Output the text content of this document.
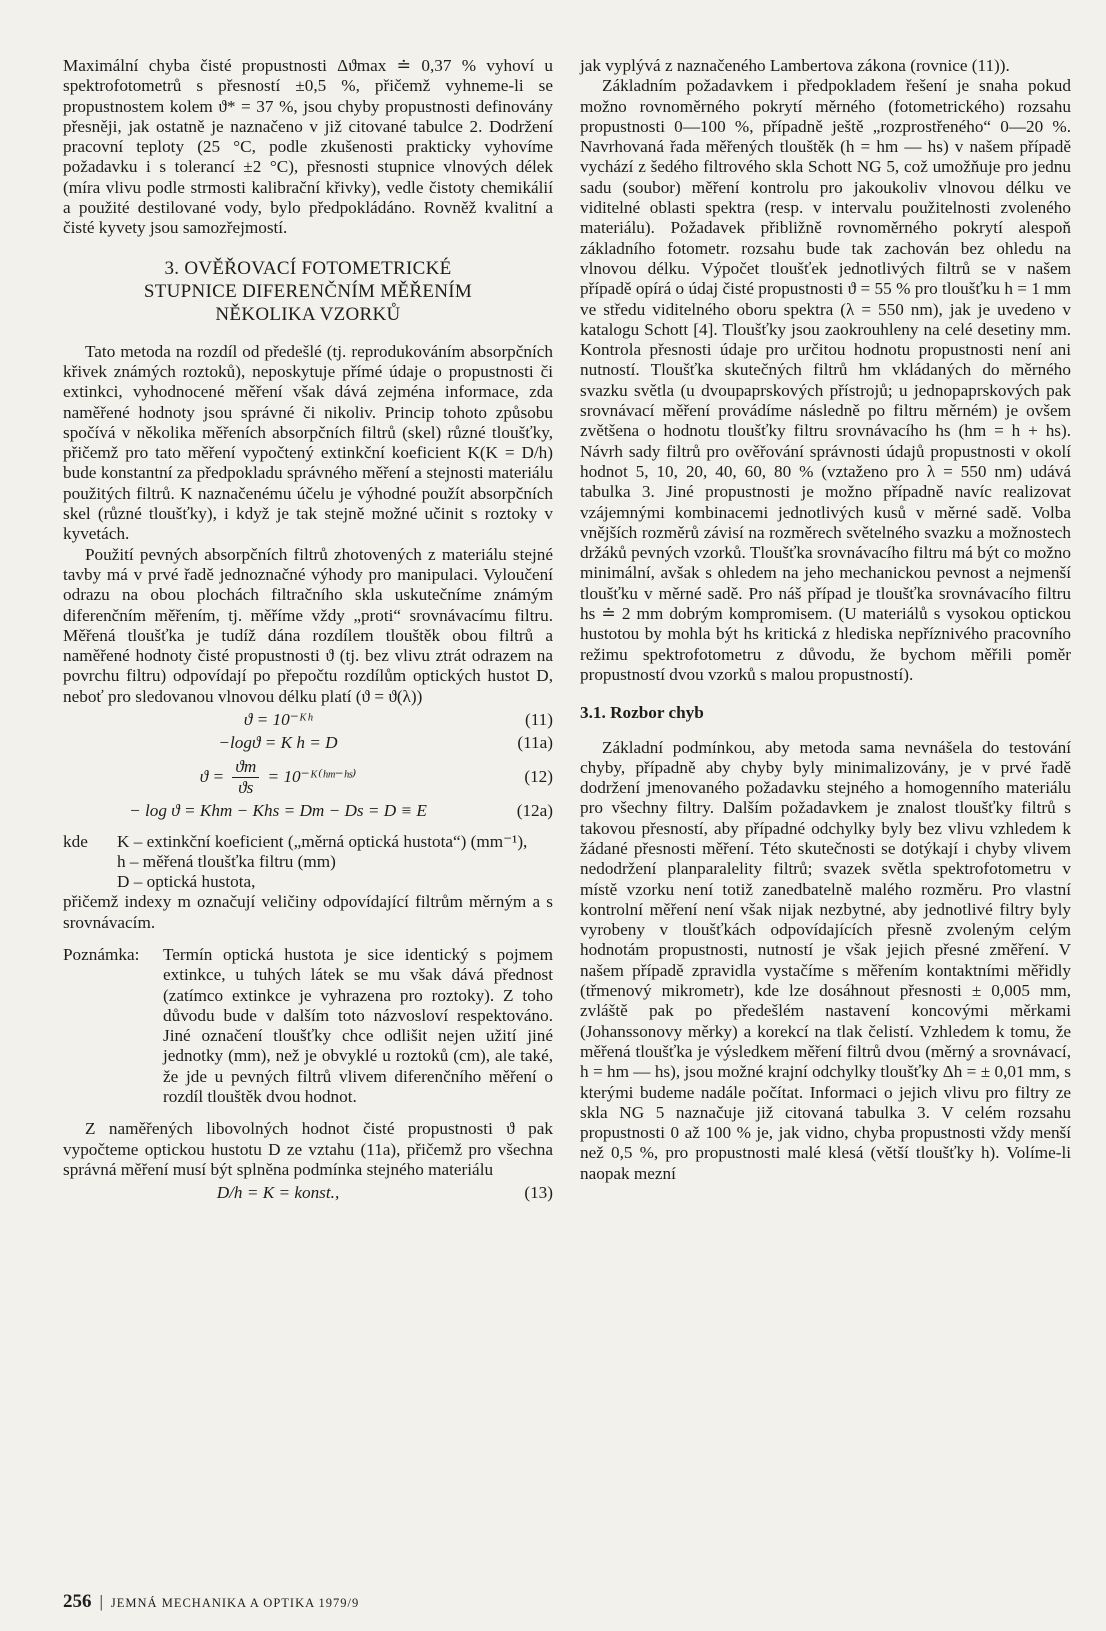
Maximální chyba čisté propustnosti Δϑmax ≐ 0,37 % vyhoví u spektrofotometrů s přesností ±0,5 %, přičemž vyhneme-li se propustnostem kolem ϑ* = 37 %, jsou chyby propustnosti definovány přesněji, jak ostatně je naznačeno v již citované tabulce 2. Dodržení pracovní teploty (25 °C, podle zkušenosti prakticky vyhovíme požadavku i s tolerancí ±2 °C), přesnosti stupnice vlnových délek (míra vlivu podle strmosti kalibrační křivky), vedle čistoty chemikálií a použité destilované vody, bylo předpokládáno. Rovněž kvalitní a čisté kyvety jsou samozřejmostí.

3. OVĚŘOVACÍ FOTOMETRICKÉ
STUPNICE DIFERENČNÍM MĚŘENÍM
NĚKOLIKA VZORKŮ

Tato metoda na rozdíl od předešlé (tj. reprodukováním absorpčních křivek známých roztoků), neposkytuje přímé údaje o propustnosti či extinkci, vyhodnocené měření však dává zejména informace, zda naměřené hodnoty jsou správné či nikoliv. Princip tohoto způsobu spočívá v několika měřeních absorpčních filtrů (skel) různé tloušťky, přičemž pro tato měření vypočtený extinkční koeficient K(K = D/h) bude konstantní za předpokladu správného měření a stejnosti materiálu použitých filtrů. K naznačenému účelu je výhodné použít absorpčních skel (různé tloušťky), i když je tak stejně možné učinit s roztoky v kyvetách.

Použití pevných absorpčních filtrů zhotovených z materiálu stejné tavby má v prvé řadě jednoznačné výhody pro manipulaci. Vyloučení odrazu na obou plochách filtračního skla uskutečníme známým diferenčním měřením, tj. měříme vždy „proti“ srovnávacímu filtru. Měřená tloušťka je tudíž dána rozdílem tlouštěk obou filtrů a naměřené hodnoty čisté propustnosti ϑ (tj. bez vlivu ztrát odrazem na povrchu filtru) odpovídají po přepočtu rozdílům optických hustot D, neboť pro sledovanou vlnovou délku platí (ϑ = ϑ(λ))

ϑ = 10⁻ᴷʰ	(11)
−logϑ = K h = D	(11a)
$ϑ = \frac{ϑm}{ϑs}$ = 10⁻ᴷ⁽ʰᵐ⁻ʰˢ⁾	(12)
− log ϑ = Khm − Khs = Dm − Ds = D ≡ E	(12a)
kde	K – extinkční koeficient („měrná optická hustota“) (mm⁻¹),
h – měřená tloušťka filtru (mm)
D – optická hustota,

přičemž indexy m označují veličiny odpovídající filtrům měrným a s srovnávacím.

Poznámka:	Termín optická hustota je sice identický s pojmem extinkce, u tuhých látek se mu však dává přednost (zatímco extinkce je vyhrazena pro roztoky). Z toho důvodu bude v dalším toto názvosloví respektováno. Jiné označení tloušťky chce odlišit nejen užití jiné jednotky (mm), než je obvyklé u roztoků (cm), ale také, že jde u pevných filtrů vlivem diferenčního měření o rozdíl tlouštěk dvou hodnot.

Z naměřených libovolných hodnot čisté propustnosti ϑ pak vypočteme optickou hustotu D ze vztahu (11a), přičemž pro všechna správná měření musí být splněna podmínka stejného materiálu

D/h = K = konst.,	(13)

jak vyplývá z naznačeného Lambertova zákona (rovnice (11)).

Základním požadavkem i předpokladem řešení je snaha pokud možno rovnoměrného pokrytí měrného (fotometrického) rozsahu propustnosti 0—100 %, případně ještě „rozprostřeného“ 0—20 %. Navrhovaná řada měřených tlouštěk (h = hm — hs) v našem případě vychází z šedého filtrového skla Schott NG 5, což umožňuje pro jednu sadu (soubor) měření kontrolu pro jakoukoliv vlnovou délku ve viditelné oblasti spektra (resp. v intervalu použitelnosti zvoleného materiálu). Požadavek přibližně rovnoměrného pokrytí alespoň základního fotometr. rozsahu bude tak zachován bez ohledu na vlnovou délku. Výpočet tloušťek jednotlivých filtrů se v našem případě opírá o údaj čisté propustnosti ϑ = 55 % pro tloušťku h = 1 mm ve středu viditelného oboru spektra (λ = 550 nm), jak je uvedeno v katalogu Schott [4]. Tloušťky jsou zaokrouhleny na celé desetiny mm. Kontrola přesnosti údaje pro určitou hodnotu propustnosti není ani nutností. Tloušťka skutečných filtrů hm vkládaných do měrného svazku světla (u dvoupaprskových přístrojů; u jednopaprskových pak srovnávací měření provádíme následně po filtru měrném) je ovšem zvětšena o hodnotu tloušťky filtru srovnávacího hs (hm = h + hs). Návrh sady filtrů pro ověřování správnosti údajů propustnosti v okolí hodnot 5, 10, 20, 40, 60, 80 % (vztaženo pro λ = 550 nm) udává tabulka 3. Jiné propustnosti je možno případně navíc realizovat vzájemnými kombinacemi jednotlivých kusů v měrné sadě. Volba vnějších rozměrů závisí na rozměrech světelného svazku a možnostech držáků pevných vzorků. Tloušťka srovnávacího filtru má být co možno minimální, avšak s ohledem na jeho mechanickou pevnost a nejmenší tloušťku v měrné sadě. Pro náš případ je tloušťka srovnávacího filtru hs ≐ 2 mm dobrým kompromisem. (U materiálů s vysokou optickou hustotou by mohla být hs kritická z hlediska nepříznivého pracovního režimu spektrofotometru z důvodu, že bychom měřili poměr propustností dvou vzorků s malou propustností).

3.1. Rozbor chyb

Základní podmínkou, aby metoda sama nevnášela do testování chyby, případně aby chyby byly minimalizovány, je v prvé řadě dodržení jmenovaného požadavku stejného a homogenního materiálu pro všechny filtry. Dalším požadavkem je znalost tloušťky filtrů s takovou přesností, aby případné odchylky byly bez vlivu vzhledem k žádané přesnosti měření. Této skutečnosti se dotýkají i chyby vlivem nedodržení planparalelity filtrů; svazek světla spektrofotometru v místě vzorku není totiž zanedbatelně malého rozměru. Pro vlastní kontrolní měření není však nijak nezbytné, aby jednotlivé filtry byly vyrobeny v tloušťkách odpovídajících přesně zvoleným celým hodnotám propustnosti, nutností je však jejich přesné změření. V našem případě zpravidla vystačíme s měřením kontaktními měřidly (třmenový mikrometr), kde lze dosáhnout přesnosti ± 0,005 mm, zvláště pak po předešlém nastavení koncovými měrkami (Johanssonovy měrky) a korekcí na tlak čelistí. Vzhledem k tomu, že měřená tloušťka je výsledkem měření filtrů dvou (měrný a srovnávací, h = hm — hs), jsou možné krajní odchylky tloušťky Δh = ± 0,01 mm, s kterými budeme nadále počítat. Informaci o jejich vlivu pro filtry ze skla NG 5 naznačuje již citovaná tabulka 3. V celém rozsahu propustnosti 0 až 100 % je, jak vidno, chyba propustnosti vždy menší než 0,5 %, pro propustnosti malé klesá (větší tloušťky h). Volíme-li naopak mezní

256 | JEMNÁ MECHANIKA A OPTIKA 1979/9
